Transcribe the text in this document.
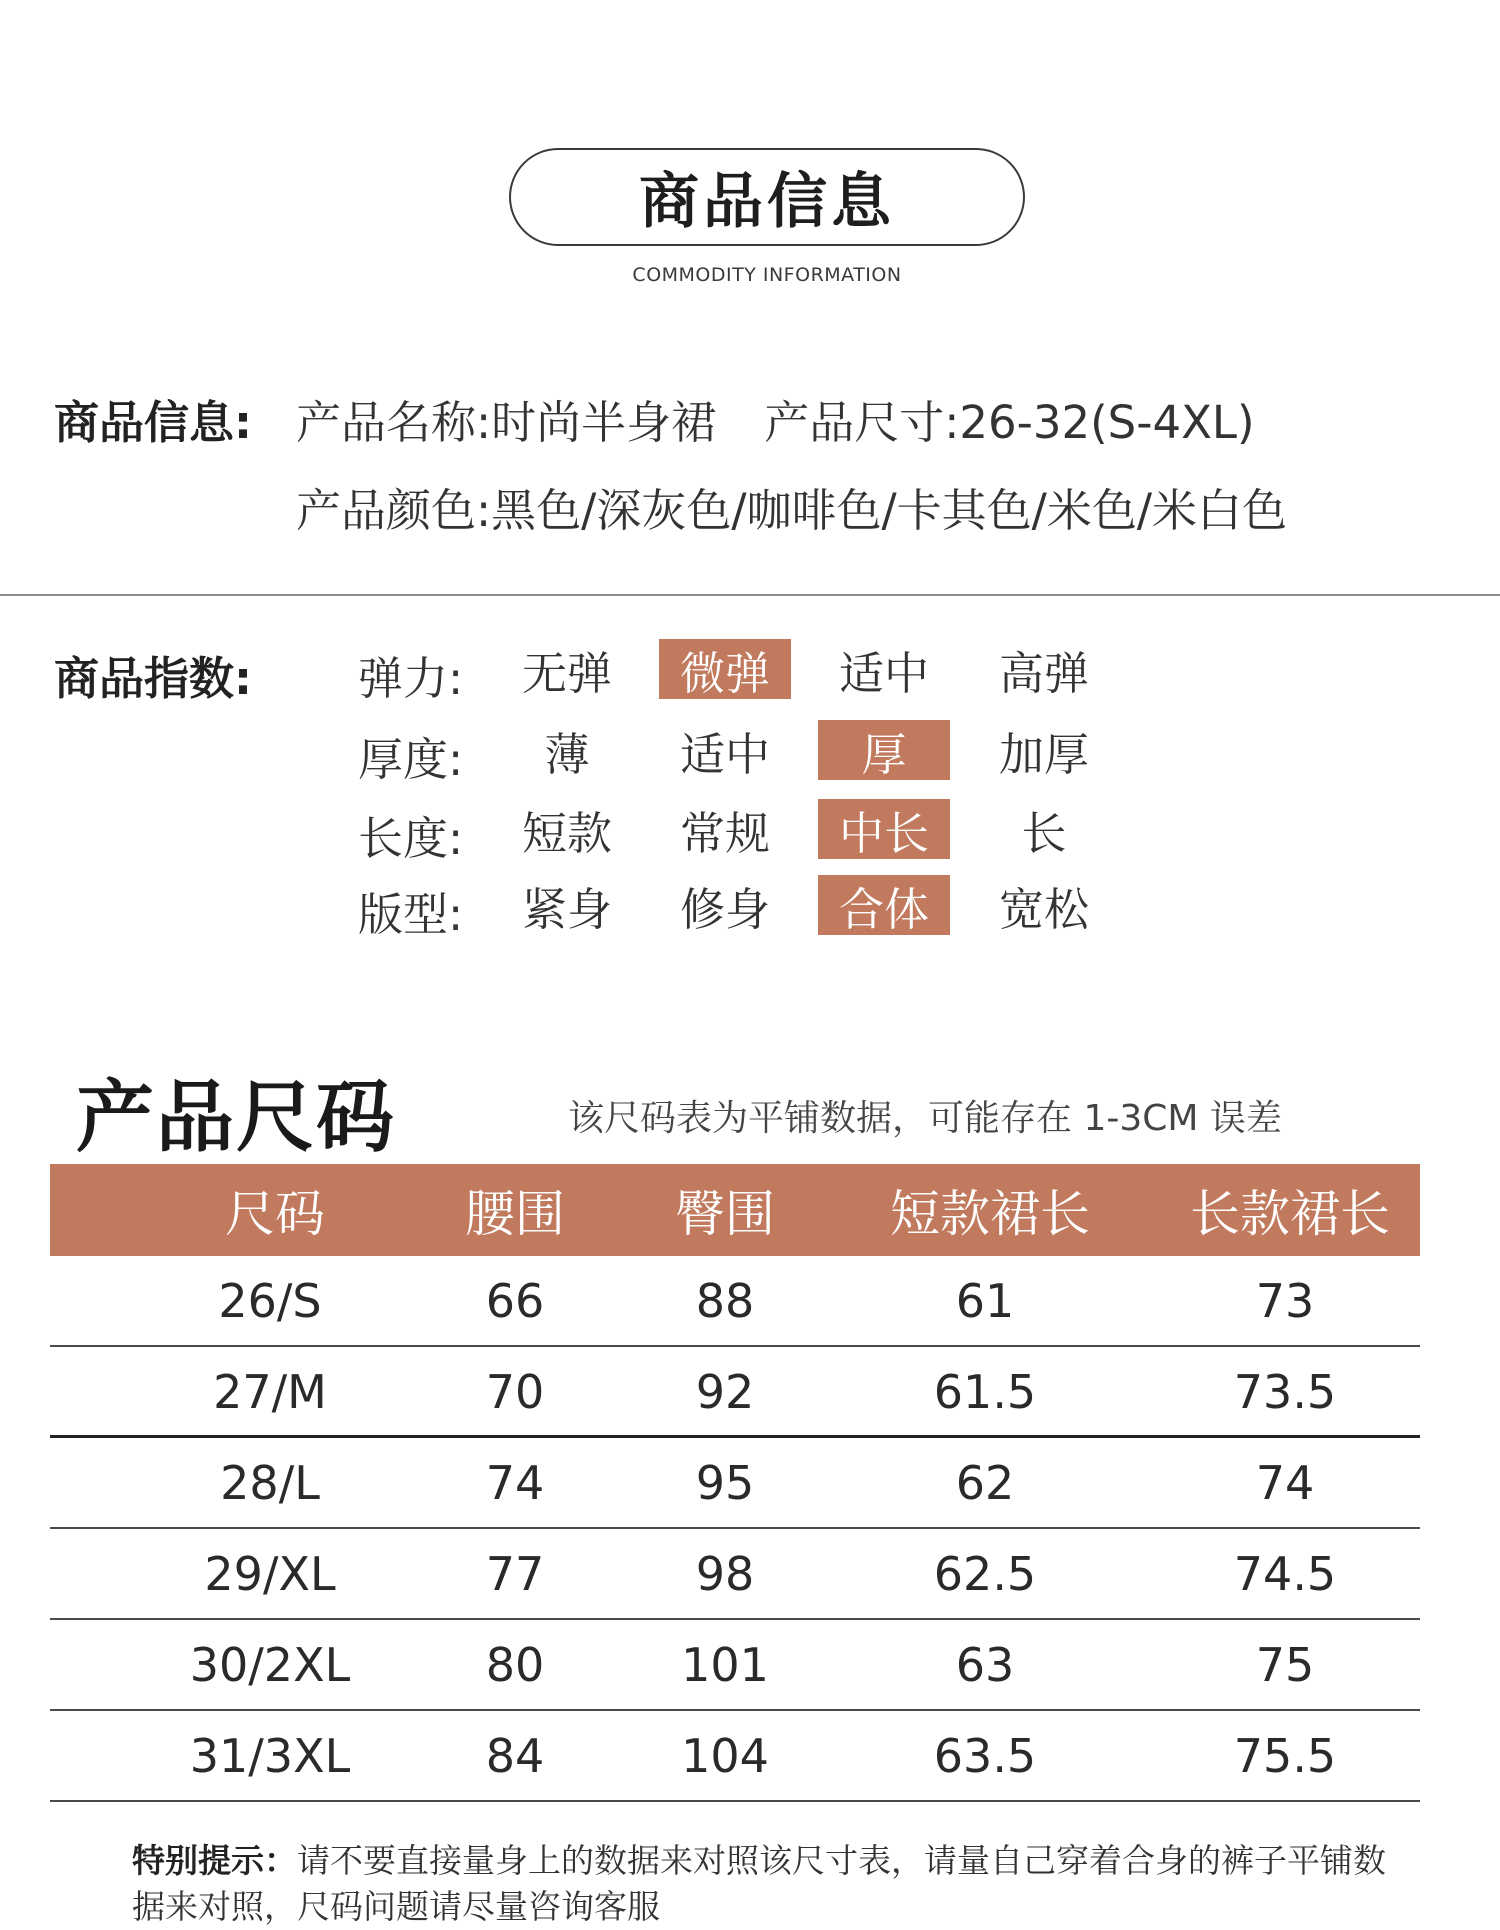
商品信息
COMMODITY INFORMATION
商品信息: 产品名称:时尚半身裙 产品尺寸:26-32(S-4XL)
产品颜色:黑色/深灰色/咖啡色/卡其色/米色/米白色
商品指数: 弹力:	无弹	微弹	适中	高弹
厚度:	薄	适中	厚	加厚
长度:	短款	常规	中长	长
版型:	紧身	修身	合体	宽松
产品尺码	该尺码表为平铺数据，可能存在 1-3CM 误差
尺码	腰围	臀围	短款裙长	长款裙长
26/S	66	88	61	73
27/M	70	92	61.5	73.5
28/L	74	95	62	74
29/XL	77	98	62.5	74.5
30/2XL	80	101	63	75
31/3XL	84	104	63.5	75.5
特别提示：请不要直接量身上的数据来对照该尺寸表，请量自己穿着合身的裤子平铺数据来对照，尺码问题请尽量咨询客服
